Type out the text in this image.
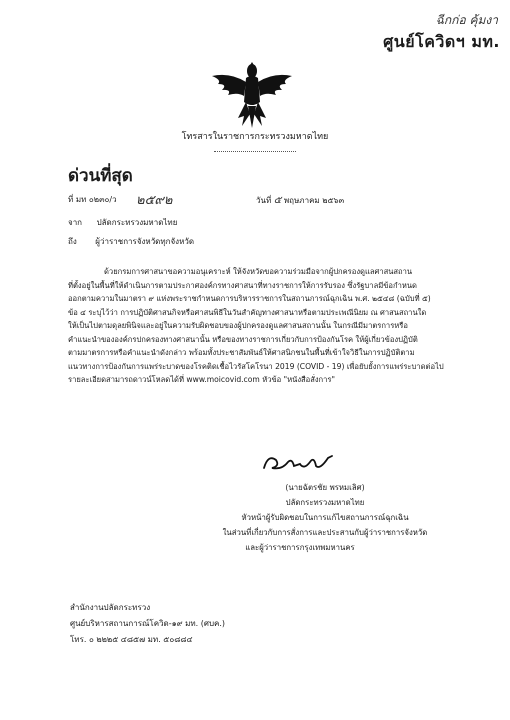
ฉีกก่อ คุ้มงา
ศูนย์โควิดฯ มท.
โทรสารในราชการกระทรวงมหาดไทย
ด่วนที่สุด
ที่ มท ๐๒๓๐/ว ๒๕๙๒	วันที่ ๕ พฤษภาคม ๒๕๖๓
จาก ปลัดกระทรวงมหาดไทย
ถึง ผู้ว่าราชการจังหวัดทุกจังหวัด
ด้วยกรมการศาสนาขอความอนุเคราะห์ ให้จังหวัดขอความร่วมมือจากผู้ปกครองดูแลศาสนสถาน
ที่ตั้งอยู่ในพื้นที่ให้ดำเนินการตามประกาศองค์กรทางศาสนาที่ทางราชการให้การรับรอง ซึ่งรัฐบาลมีข้อกำหนด
ออกตามความในมาตรา ๙ แห่งพระราชกำหนดการบริหารราชการในสถานการณ์ฉุกเฉิน พ.ศ. ๒๕๔๘ (ฉบับที่ ๕)
ข้อ ๔ ระบุไว้ว่า การปฏิบัติศาสนกิจหรือศาสนพิธีในวันสำคัญทางศาสนาหรือตามประเพณีนิยม ณ ศาสนสถานใด
ให้เป็นไปตามดุลยพินิจและอยู่ในความรับผิดชอบของผู้ปกครองดูแลศาสนสถานนั้น ในกรณีมีมาตรการหรือ
คำแนะนำขององค์กรปกครองทางศาสนานั้น หรือของทางราชการเกี่ยวกับการป้องกันโรค ให้ผู้เกี่ยวข้องปฏิบัติ
ตามมาตรการหรือคำแนะนำดังกล่าว พร้อมทั้งประชาสัมพันธ์ให้ศาสนิกชนในพื้นที่เข้าใจวิธีในการปฏิบัติตาม
แนวทางการป้องกันการแพร่ระบาดของโรคติดเชื้อไวรัสโคโรนา 2019 (COVID - 19) เพื่อยับยั้งการแพร่ระบาดต่อไป
รายละเอียดสามารถดาวน์โหลดได้ที่ www.moicovid.com หัวข้อ "หนังสือสั่งการ"
(นายฉัตรชัย พรหมเลิศ)
ปลัดกระทรวงมหาดไทย
หัวหน้าผู้รับผิดชอบในการแก้ไขสถานการณ์ฉุกเฉิน
ในส่วนที่เกี่ยวกับการสั่งการและประสานกับผู้ว่าราชการจังหวัด
และผู้ว่าราชการกรุงเทพมหานคร
สำนักงานปลัดกระทรวง
ศูนย์บริหารสถานการณ์โควิด-๑๙ มท. (ศบค.)
โทร. ๐ ๒๒๒๕ ๔๘๕๗ มท. ๕๐๘๘๔
